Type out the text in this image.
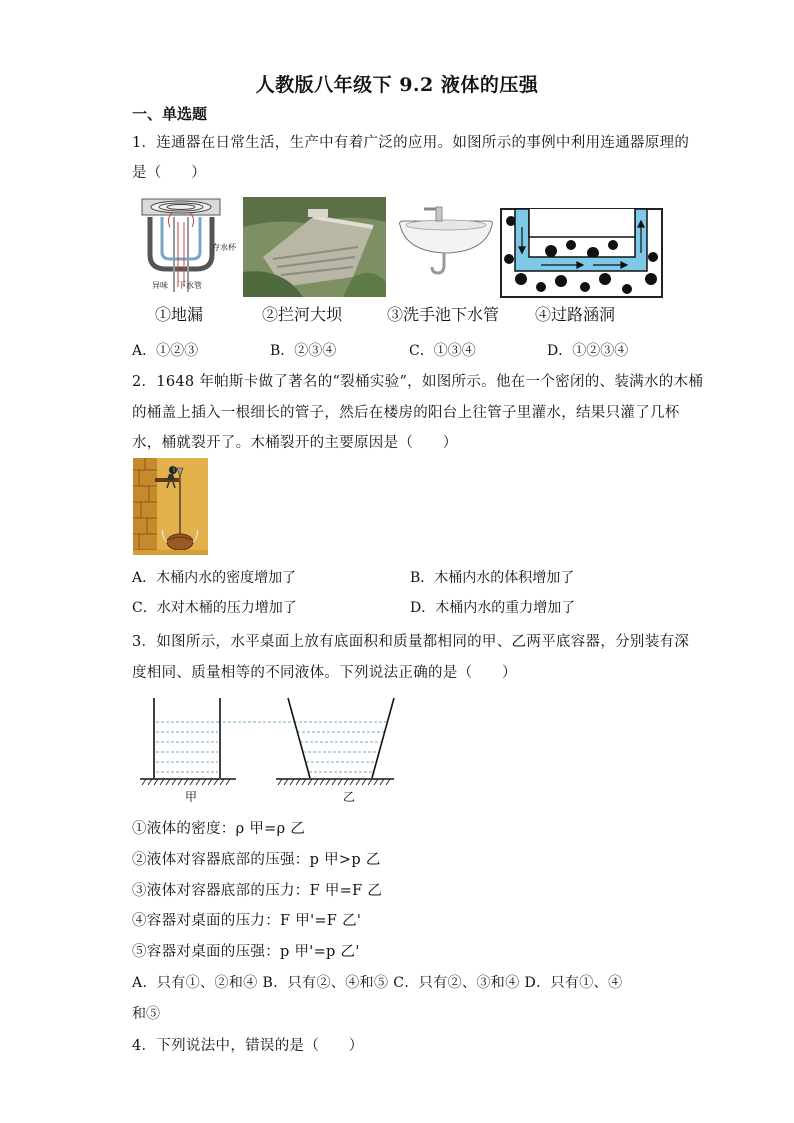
人教版八年级下 9.2 液体的压强
一、单选题
1．连通器在日常生活，生产中有着广泛的应用。如图所示的事例中利用连通器原理的
是（　　）
存水杯
下水管
异味
①地漏	②拦河大坝	③洗手池下水管 ④过路涵洞
A．①②③	B．②③④	C．①③④	D．①②③④
2．1648 年帕斯卡做了著名的“裂桶实验”，如图所示。他在一个密闭的、装满水的木桶
的桶盖上插入一根细长的管子，然后在楼房的阳台上往管子里灌水，结果只灌了几杯
水，桶就裂开了。木桶裂开的主要原因是（　　）
A．木桶内水的密度增加了	B．木桶内水的体积增加了
C．水对木桶的压力增加了	D．木桶内水的重力增加了
3．如图所示，水平桌面上放有底面积和质量都相同的甲、乙两平底容器，分别装有深
度相同、质量相等的不同液体。下列说法正确的是（　　）
甲	乙
①液体的密度：ρ 甲=ρ 乙
②液体对容器底部的压强：p 甲>p 乙
③液体对容器底部的压力：F 甲=F 乙
④容器对桌面的压力：F 甲'=F 乙'
⑤容器对桌面的压强：p 甲'=p 乙'
A．只有①、②和④ B．只有②、④和⑤ C．只有②、③和④ D．只有①、④
和⑤
4．下列说法中，错误的是（　　）
